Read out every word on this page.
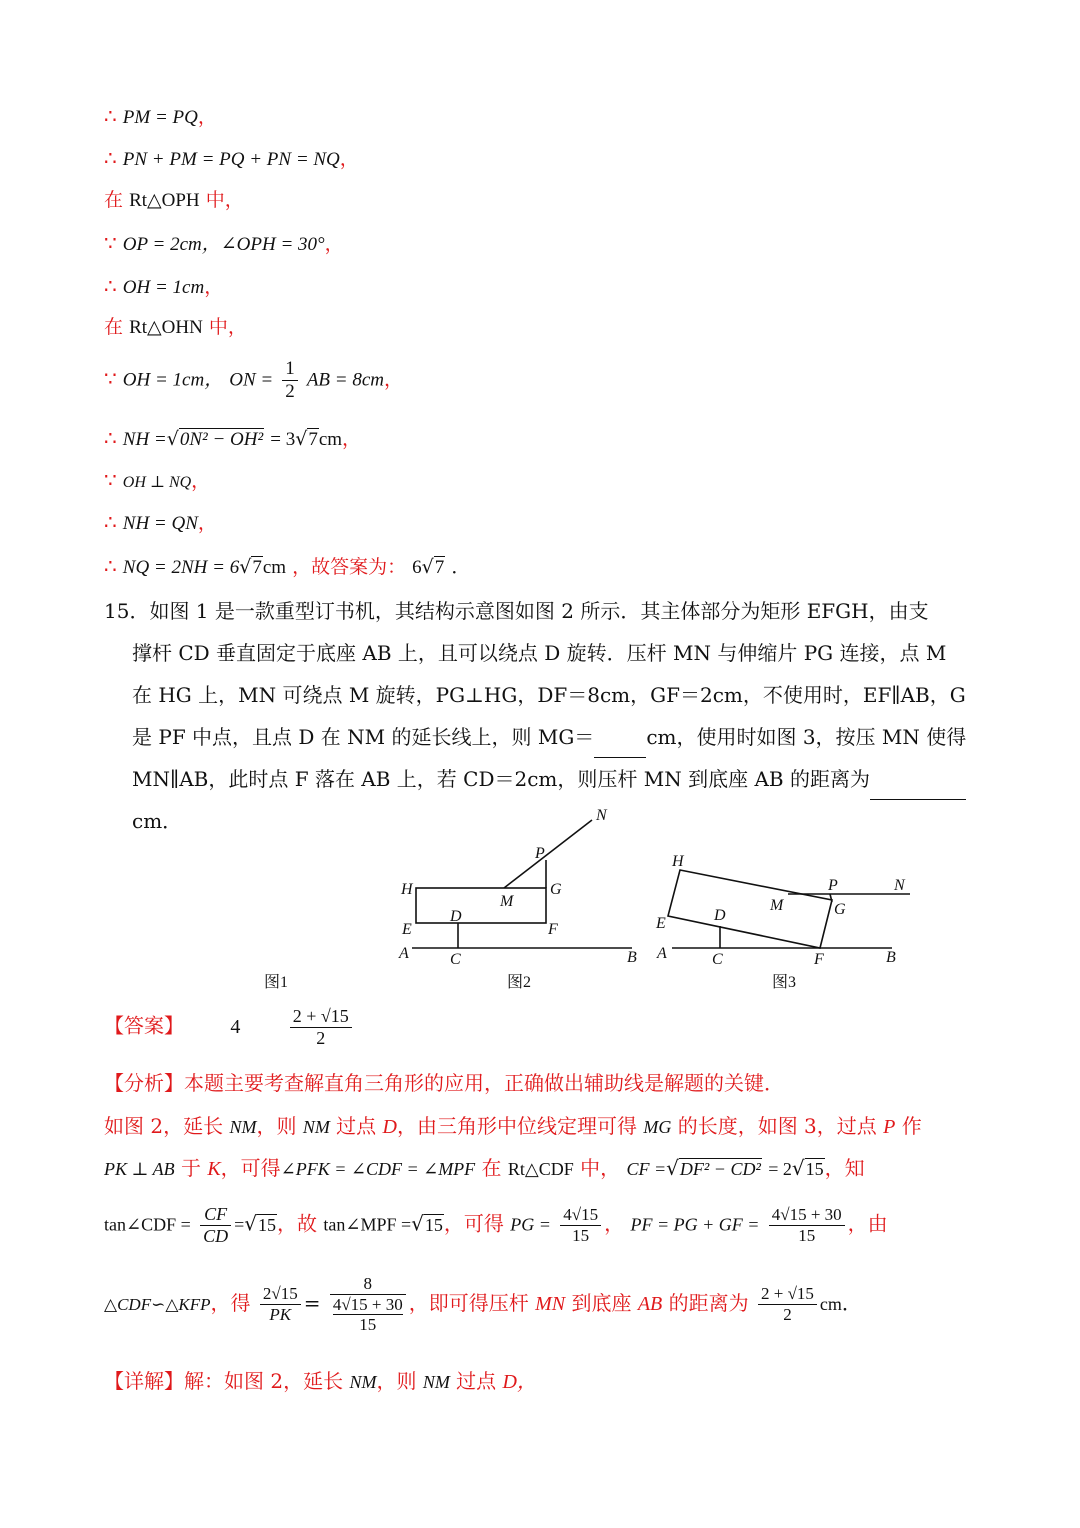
∴ PM = PQ，
∴ PN + PM = PQ + PN = NQ，
在 Rt△OPH 中，
∵ OP = 2cm，∠OPH = 30°，
∴ OH = 1cm，
在 Rt△OHN 中，
∵ OH = 1cm， ON = $\frac{1}{2}$ AB = 8cm，
∴ NH =√0N² − OH² = 3√7cm，
∵ OH ⊥ NQ，
∴ NH = QN，
∴ NQ = 2NH = 6√7cm ，故答案为： 6√7 ．
15．如图 1 是一款重型订书机，其结构示意图如图 2 所示．其主体部分为矩形 EFGH，由支
撑杆 CD 垂直固定于底座 AB 上，且可以绕点 D 旋转．压杆 MN 与伸缩片 PG 连接，点 M
在 HG 上，MN 可绕点 M 旋转，PG⊥HG，DF＝8cm，GF＝2cm，不使用时，EF∥AB，G
是 PF 中点，且点 D 在 NM 的延长线上，则 MG＝	cm，使用时如图 3，按压 MN 使得
MN∥AB，此时点 F 落在 AB 上，若 CD＝2cm，则压杆 MN 到底座 AB 的距离为cm．
图1
N
P
H	G
M
E
D
F
A	C	B
图2
H
P	N
G
M
E	D
A	C	F	B
图3
【答案】 4	$\frac{2 + √15}{2}$
【分析】本题主要考查解直角三角形的应用，正确做出辅助线是解题的关键．
如图 2，延长 NM，则 NM 过点 D，由三角形中位线定理可得 MG 的长度，如图 3，过点 P 作
PK ⊥ AB 于 K，可得∠PFK = ∠CDF = ∠MPF 在 Rt△CDF 中， CF =√DF² − CD² = 2√15，知
tan∠CDF = $\frac{CF}{CD} =√15$，故 tan∠MPF =√15，可得 PG = $\frac{4√15}{15}$ ， PF = PG + GF = $\frac{4√15 + 30}{15}$ ，由
△CDF∽△KFP，得 $\frac{2√15}{PK} = 8$
4√15 + 30
15 ，即可得压杆 MN 到底座 AB 的距离为 $\frac{2 + √15}{2}$ cm．
【详解】解：如图 2，延长 NM，则 NM 过点 D，
